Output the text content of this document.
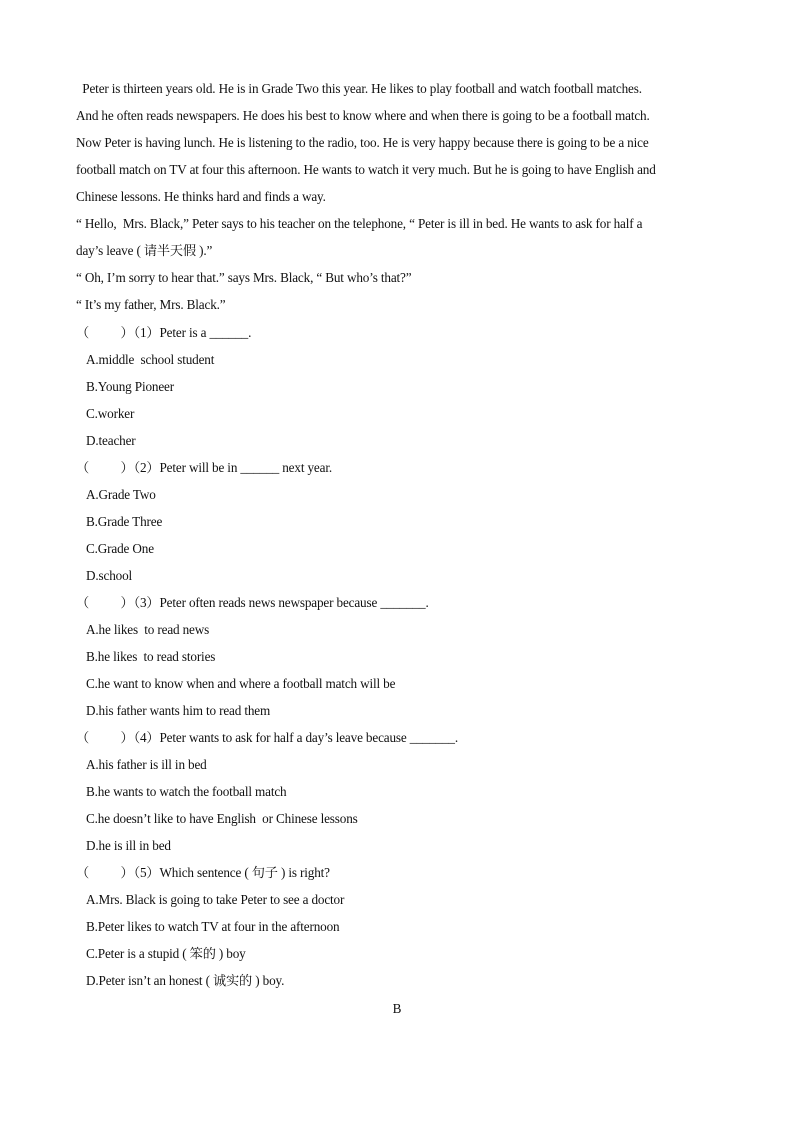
Peter is thirteen years old. He is in Grade Two this year. He likes to play football and watch football matches.
And he often reads newspapers. He does his best to know where and when there is going to be a football match.
Now Peter is having lunch. He is listening to the radio, too. He is very happy because there is going to be a nice
football match on TV at four this afternoon. He wants to watch it very much. But he is going to have English and
Chinese lessons. He thinks hard and finds a way.
“ Hello,  Mrs. Black,” Peter says to his teacher on the telephone, “ Peter is ill in bed. He wants to ask for half a
day’s leave ( 请半天假 ).”
“ Oh, I’m sorry to hear that.” says Mrs. Black, “ But who’s that?”
“ It’s my father, Mrs. Black.”
（          ）（1）Peter is a ______.
A.middle  school student
B.Young Pioneer
C.worker
D.teacher
（          ）（2）Peter will be in ______ next year.
A.Grade Two
B.Grade Three
C.Grade One
D.school
（          ）（3）Peter often reads news newspaper because _______.
A.he likes  to read news
B.he likes  to read stories
C.he want to know when and where a football match will be
D.his father wants him to read them
（          ）（4）Peter wants to ask for half a day’s leave because _______.
A.his father is ill in bed
B.he wants to watch the football match
C.he doesn’t like to have English  or Chinese lessons
D.he is ill in bed
（          ）（5）Which sentence ( 句子 ) is right?
A.Mrs. Black is going to take Peter to see a doctor
B.Peter likes to watch TV at four in the afternoon
C.Peter is a stupid ( 笨的 ) boy
D.Peter isn’t an honest ( 诚实的 ) boy.
B
